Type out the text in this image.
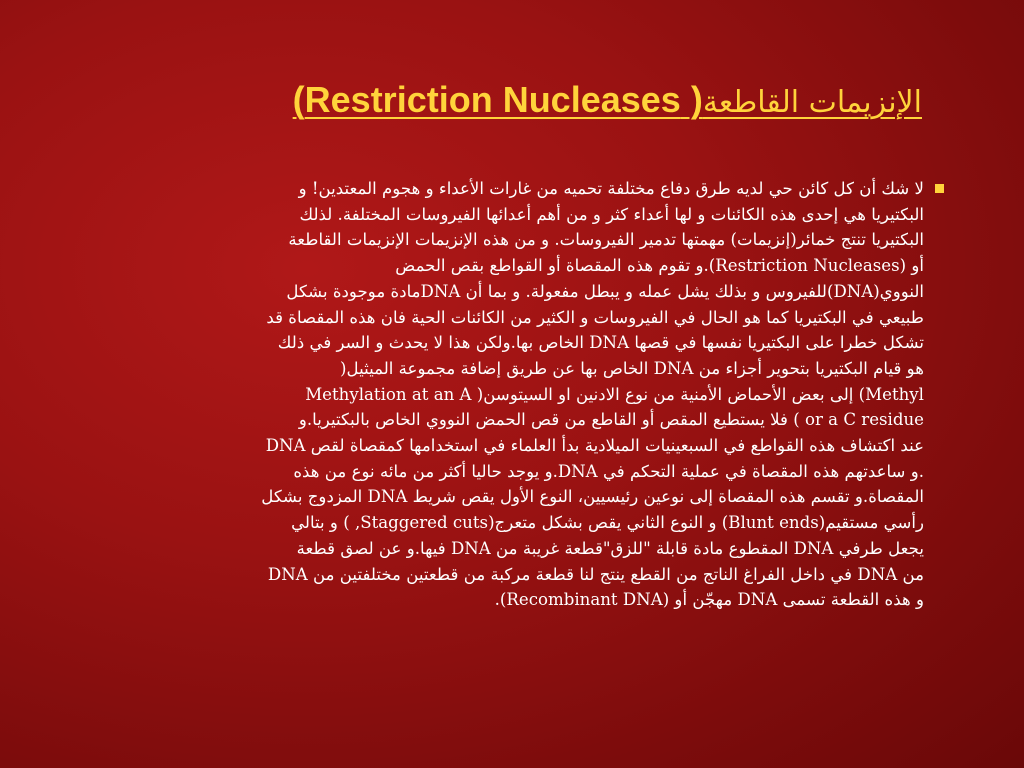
الإنزيمات القاطعة( Restriction Nucleases)
لا شك أن كل كائن حي لديه طرق دفاع مختلفة تحميه من غارات الأعداء و هجوم المعتدين! و
البكتيريا هي إحدى هذه الكائنات و لها أعداء كثر و من أهم أعدائها الفيروسات المختلفة. لذلك
البكتيريا تنتج خمائر(إنزيمات) مهمتها تدمير الفيروسات. و من هذه الإنزيمات الإنزيمات القاطعة
أو (Restriction Nucleases).و تقوم هذه المقصاة أو القواطع بقص الحمض
النووي(DNA)للفيروس و بذلك يشل عمله و يبطل مفعولة. و بما أن DNAمادة موجودة بشكل
طبيعي في البكتيريا كما هو الحال في الفيروسات و الكثير من الكائنات الحية فان هذه المقصاة قد
تشكل خطرا على البكتيريا نفسها في قصها DNA الخاص بها.ولكن هذا لا يحدث و السر في ذلك
هو قيام البكتيريا بتحوير أجزاء من DNA الخاص بها عن طريق إضافة مجموعة الميثيل(
Methyl) إلى بعض الأحماض الأمنية من نوع الادنين او السيتوسن( Methylation at an A
or a C residue ) فلا يستطيع المقص أو القاطع من قص الحمض النووي الخاص بالبكتيريا.و
عند اكتشاف هذه القواطع في السبعينيات الميلادية بدأ العلماء في استخدامها كمقصاة لقص DNA
.و ساعدتهم هذه المقصاة في عملية التحكم في DNA.و يوجد حاليا أكثر من مائه نوع من هذه
المقصاة.و تقسم هذه المقصاة إلى نوعين رئيسيين، النوع الأول يقص شريط DNA المزدوج بشكل
رأسي مستقيم(Blunt ends) و النوع الثاني يقص بشكل متعرج(Staggered cuts, ) و بتالي
يجعل طرفي DNA المقطوع مادة قابلة "للزق"قطعة غريبة من DNA فيها.و عن لصق قطعة
من DNA في داخل الفراغ الناتج من القطع ينتج لنا قطعة مركبة من قطعتين مختلفتين من DNA
و هذه القطعة تسمى DNA مهجّن أو (Recombinant DNA).
